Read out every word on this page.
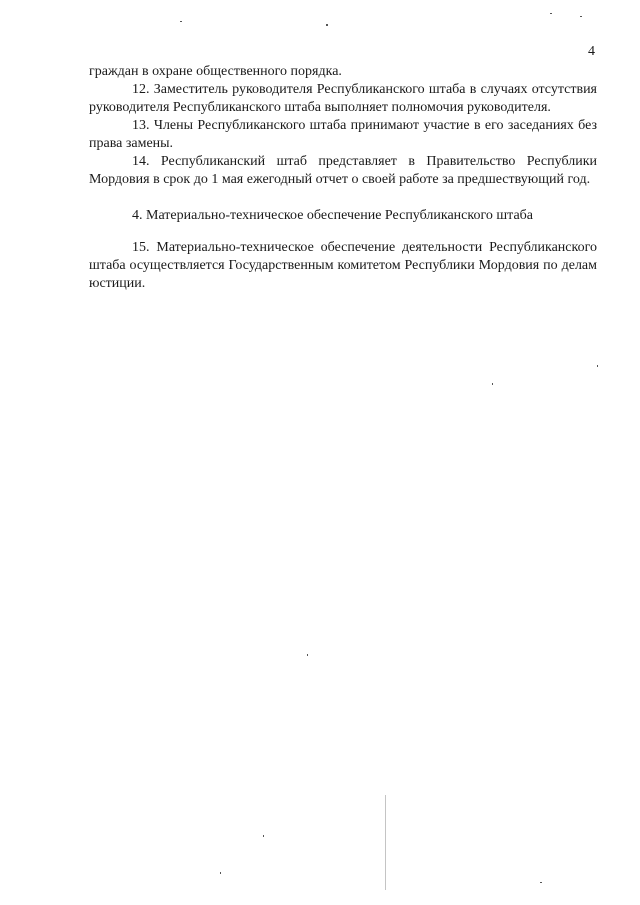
4

граждан в охране общественного порядка.

12. Заместитель руководителя Республиканского штаба в случаях отсутствия руководителя Республиканского штаба выполняет полномочия руководителя.

13. Члены Республиканского штаба принимают участие в его заседаниях без права замены.

14. Республиканский штаб представляет в Правительство Республики Мордовия в срок до 1 мая ежегодный отчет о своей работе за предшествующий год.

4. Материально-техническое обеспечение Республиканского штаба

15. Материально-техническое обеспечение деятельности Республиканского штаба осуществляется Государственным комитетом Республики Мордовия по делам юстиции.
